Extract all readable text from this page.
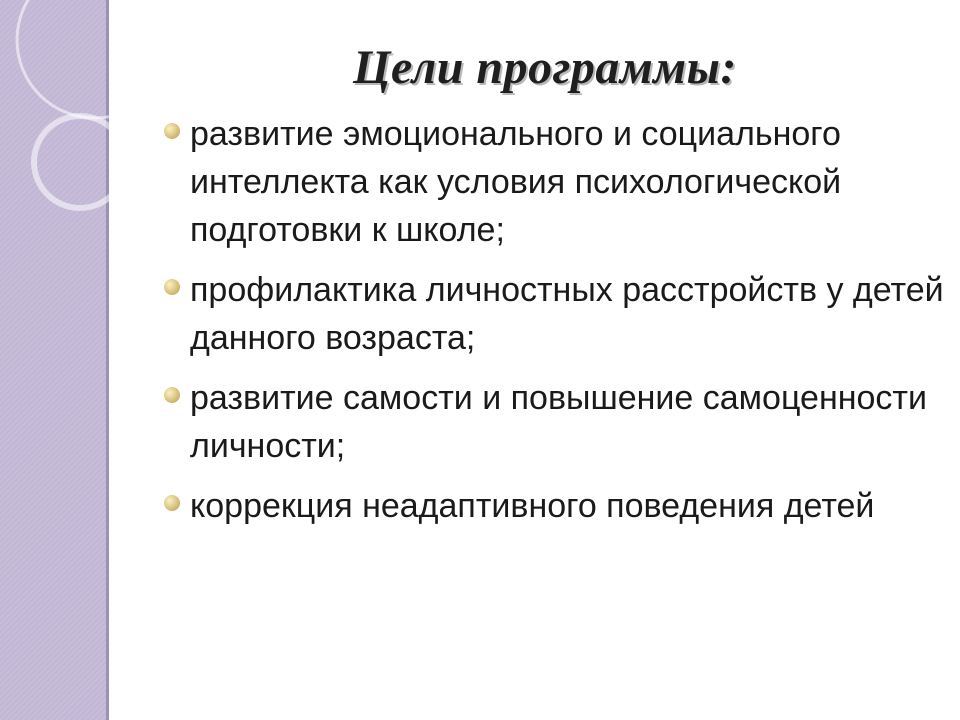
Цели программы:
развитие эмоционального и социального интеллекта как условия психологической подготовки к школе;
профилактика личностных расстройств у детей данного возраста;
развитие самости и повышение самоценности личности;
коррекция неадаптивного поведения детей
